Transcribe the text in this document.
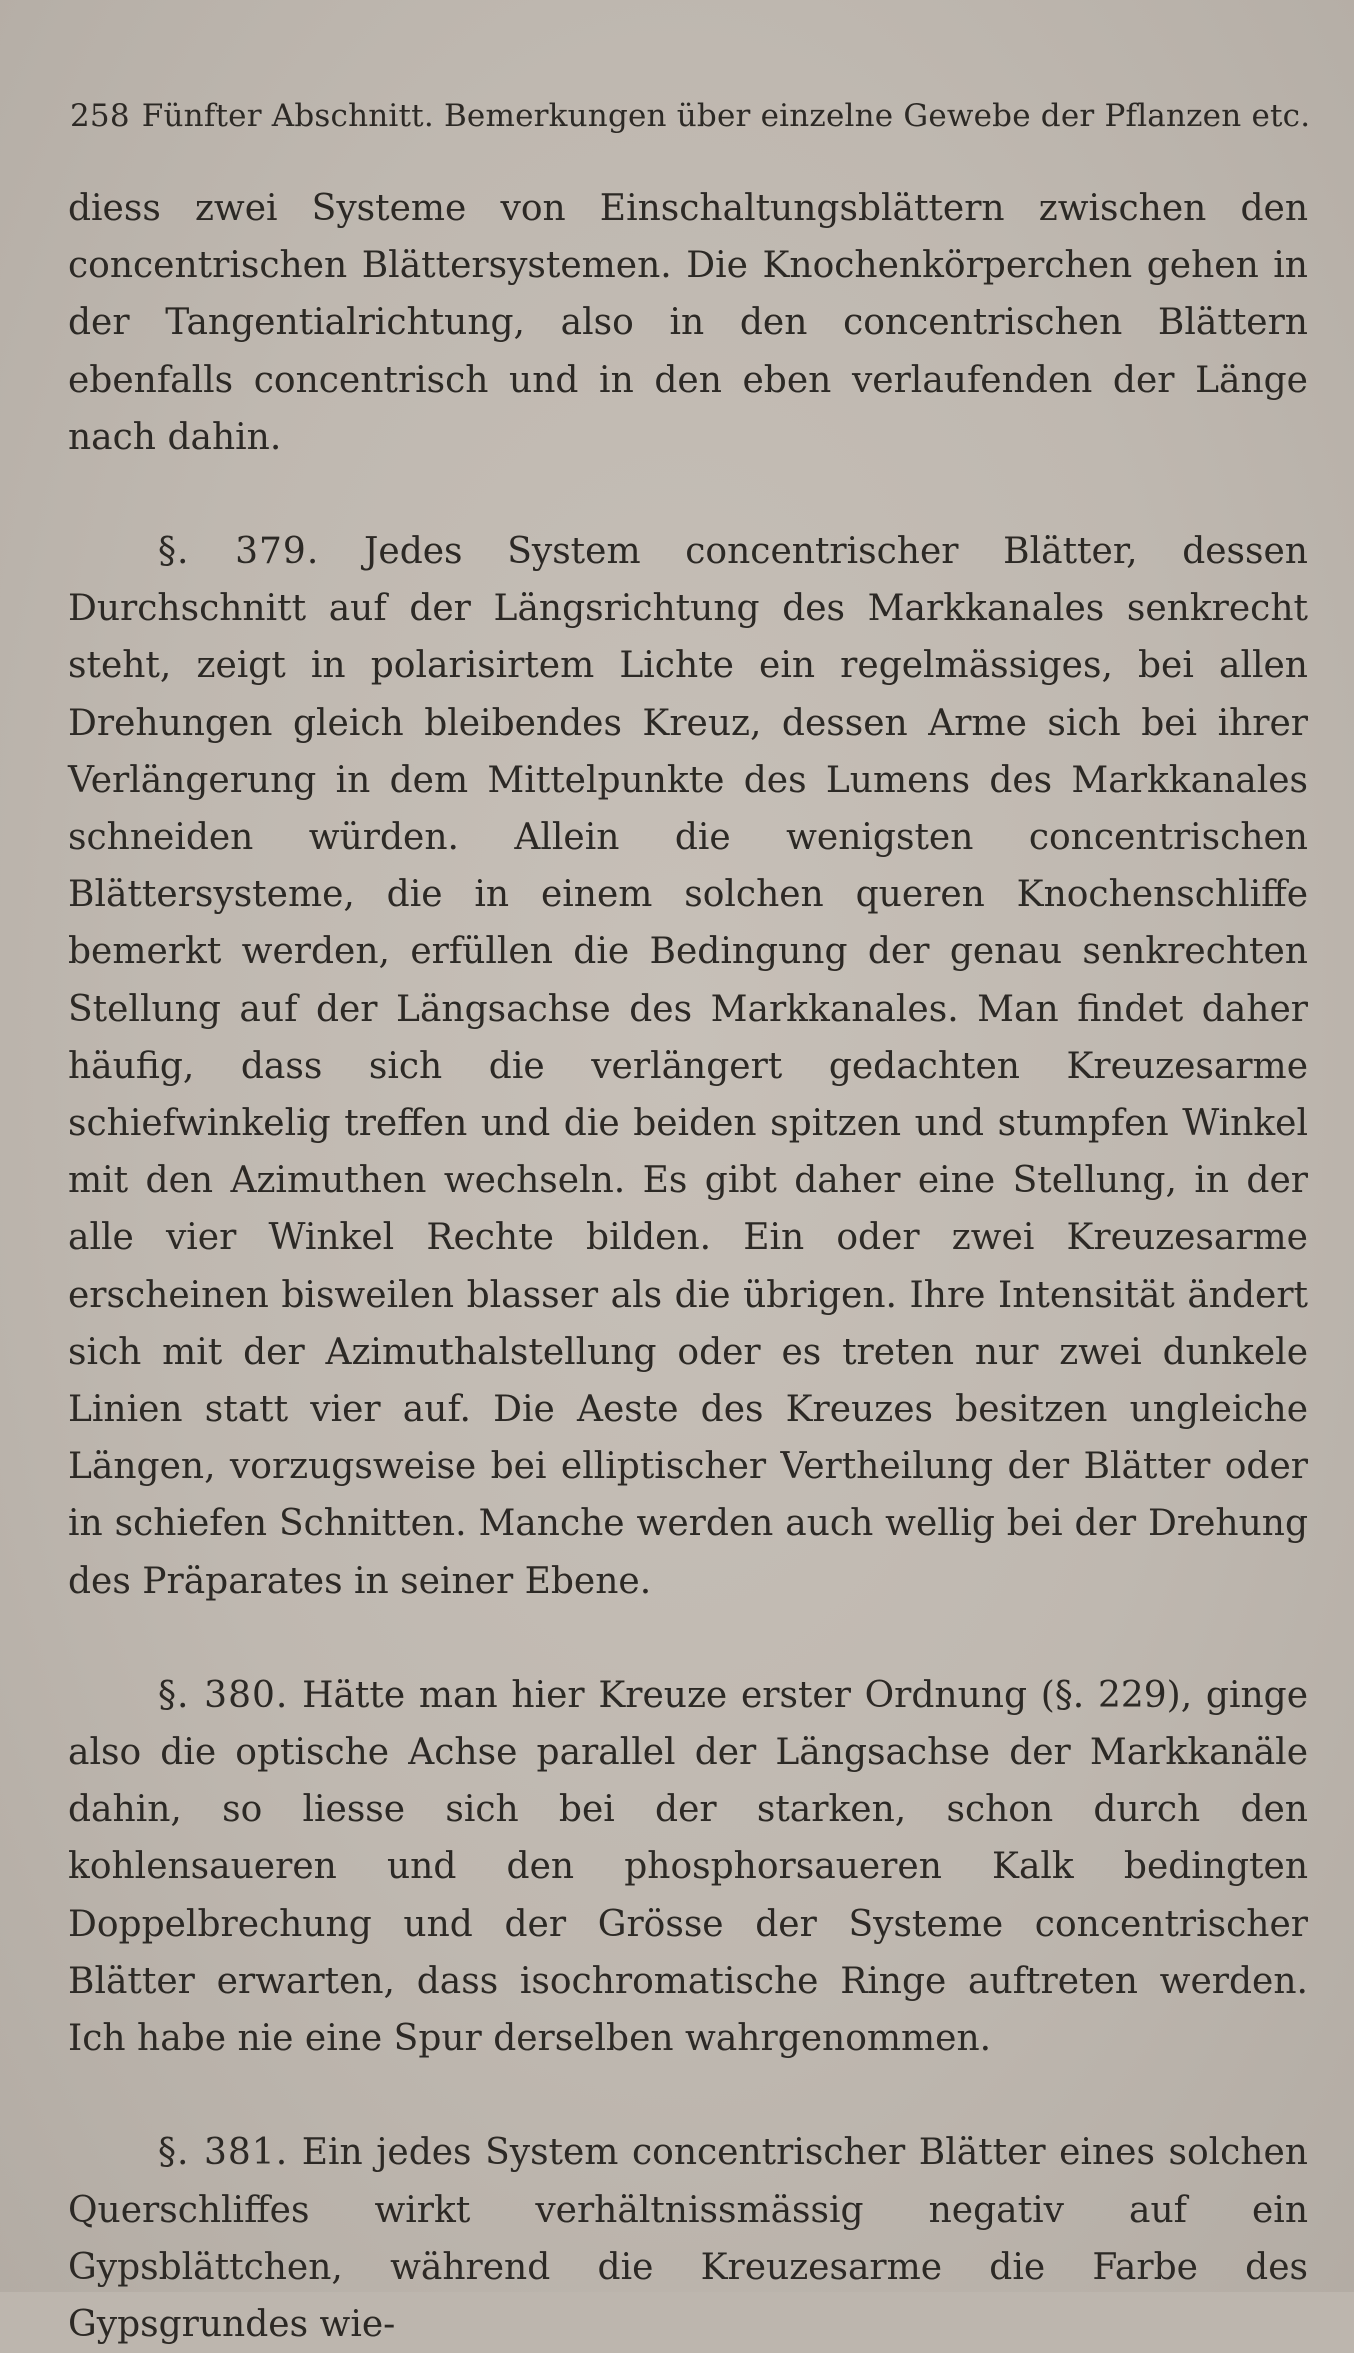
258 Fünfter Abschnitt. Bemerkungen über einzelne Gewebe der Pflanzen etc.

diess zwei Systeme von Einschaltungsblättern zwischen den concentrischen Blättersystemen. Die Knochenkörperchen gehen in der Tangentialrichtung, also in den concentrischen Blättern ebenfalls concentrisch und in den eben verlaufenden der Länge nach dahin.

§. 379. Jedes System concentrischer Blätter, dessen Durchschnitt auf der Längsrichtung des Markkanales senkrecht steht, zeigt in polarisirtem Lichte ein regelmässiges, bei allen Drehungen gleich bleibendes Kreuz, dessen Arme sich bei ihrer Verlängerung in dem Mittelpunkte des Lumens des Markkanales schneiden würden. Allein die wenigsten concentrischen Blättersysteme, die in einem solchen queren Knochenschliffe bemerkt werden, erfüllen die Bedingung der genau senkrechten Stellung auf der Längsachse des Markkanales. Man findet daher häufig, dass sich die verlängert gedachten Kreuzesarme schiefwinkelig treffen und die beiden spitzen und stumpfen Winkel mit den Azimuthen wechseln. Es gibt daher eine Stellung, in der alle vier Winkel Rechte bilden. Ein oder zwei Kreuzesarme erscheinen bisweilen blasser als die übrigen. Ihre Intensität ändert sich mit der Azimuthalstellung oder es treten nur zwei dunkele Linien statt vier auf. Die Aeste des Kreuzes besitzen ungleiche Längen, vorzugsweise bei elliptischer Vertheilung der Blätter oder in schiefen Schnitten. Manche werden auch wellig bei der Drehung des Präparates in seiner Ebene.

§. 380. Hätte man hier Kreuze erster Ordnung (§. 229), ginge also die optische Achse parallel der Längsachse der Markkanäle dahin, so liesse sich bei der starken, schon durch den kohlensaueren und den phosphorsaueren Kalk bedingten Doppelbrechung und der Grösse der Systeme concentrischer Blätter erwarten, dass isochromatische Ringe auftreten werden. Ich habe nie eine Spur derselben wahrgenommen.

§. 381. Ein jedes System concentrischer Blätter eines solchen Querschliffes wirkt verhältnissmässig negativ auf ein Gypsblättchen, während die Kreuzesarme die Farbe des Gypsgrundes wie-
